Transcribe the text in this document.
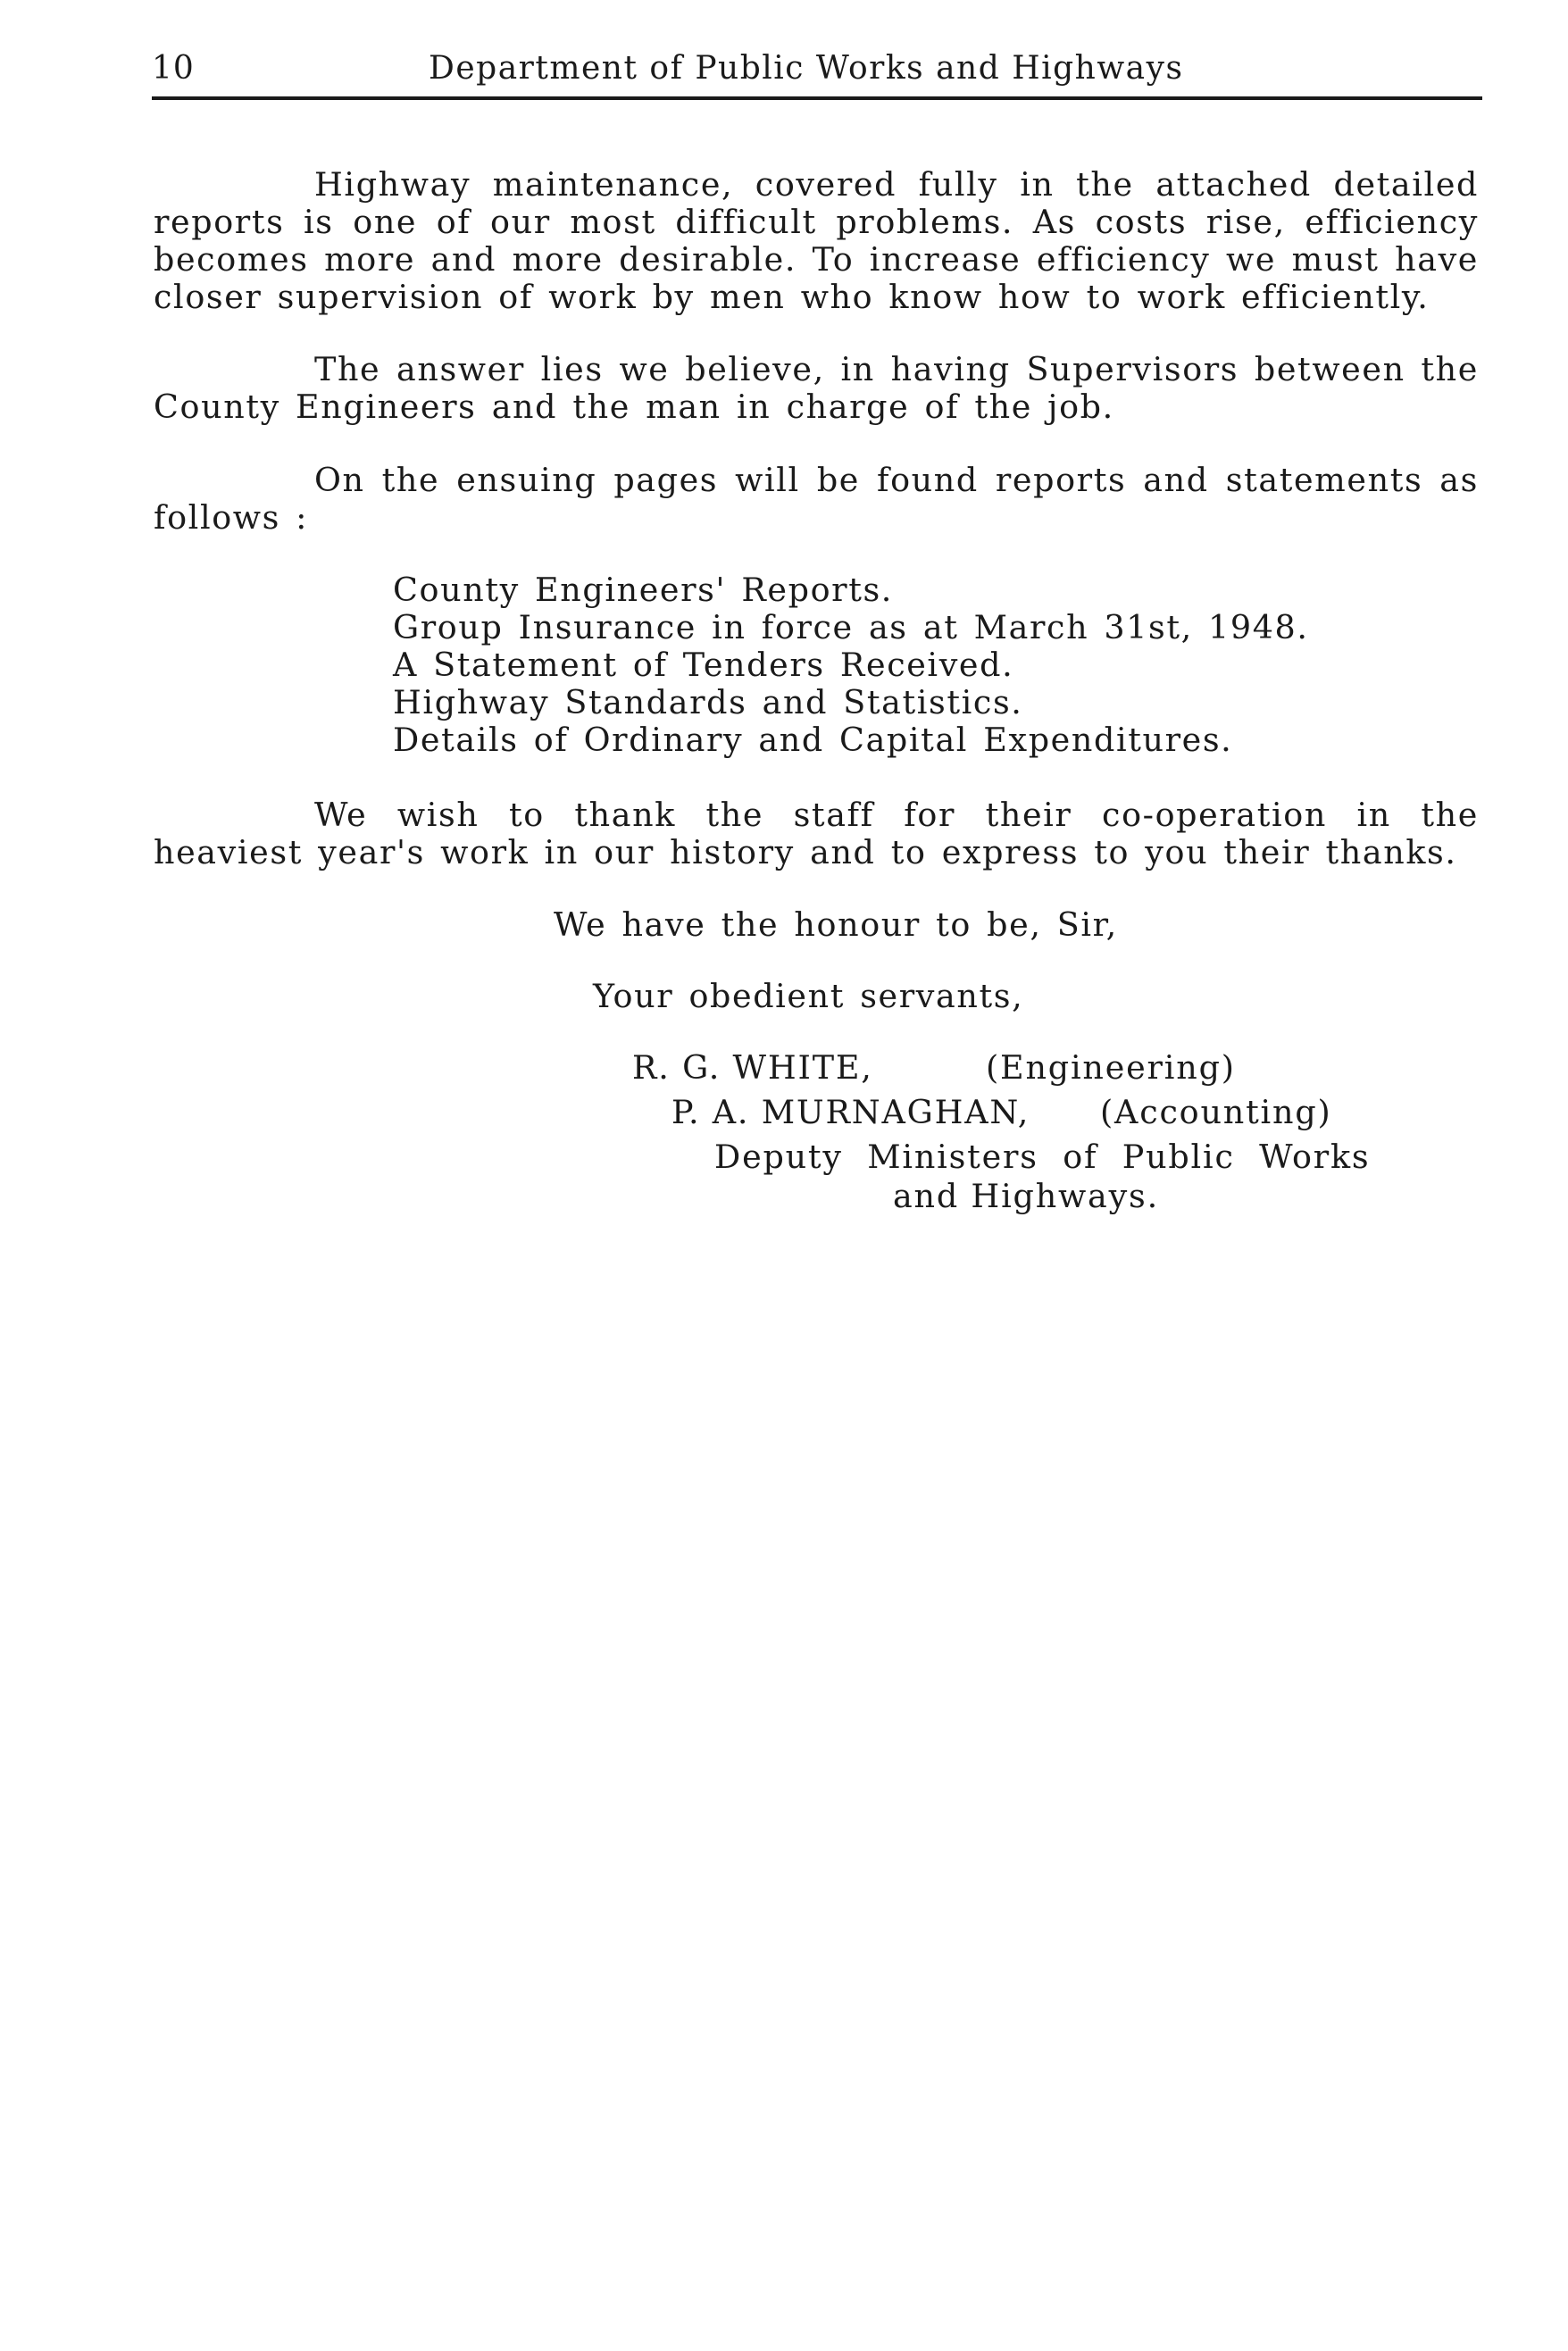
10	Department of Public Works and Highways

Highway maintenance, covered fully in the attached detailed reports is one of our most difficult problems. As costs rise, efficiency becomes more and more desirable. To increase efficiency we must have closer supervision of work by men who know how to work efficiently.

The answer lies we believe, in having Supervisors between the County Engineers and the man in charge of the job.

On the ensuing pages will be found reports and statements as follows :

County Engineers' Reports.
Group Insurance in force as at March 31st, 1948.
A Statement of Tenders Received.
Highway Standards and Statistics.
Details of Ordinary and Capital Expenditures.

We wish to thank the staff for their co-operation in the heaviest year's work in our history and to express to you their thanks.

We have the honour to be, Sir,
Your obedient servants,
R. G. WHITE,	(Engineering)
P. A. MURNAGHAN, (Accounting)
Deputy Ministers of Public Works
and Highways.
